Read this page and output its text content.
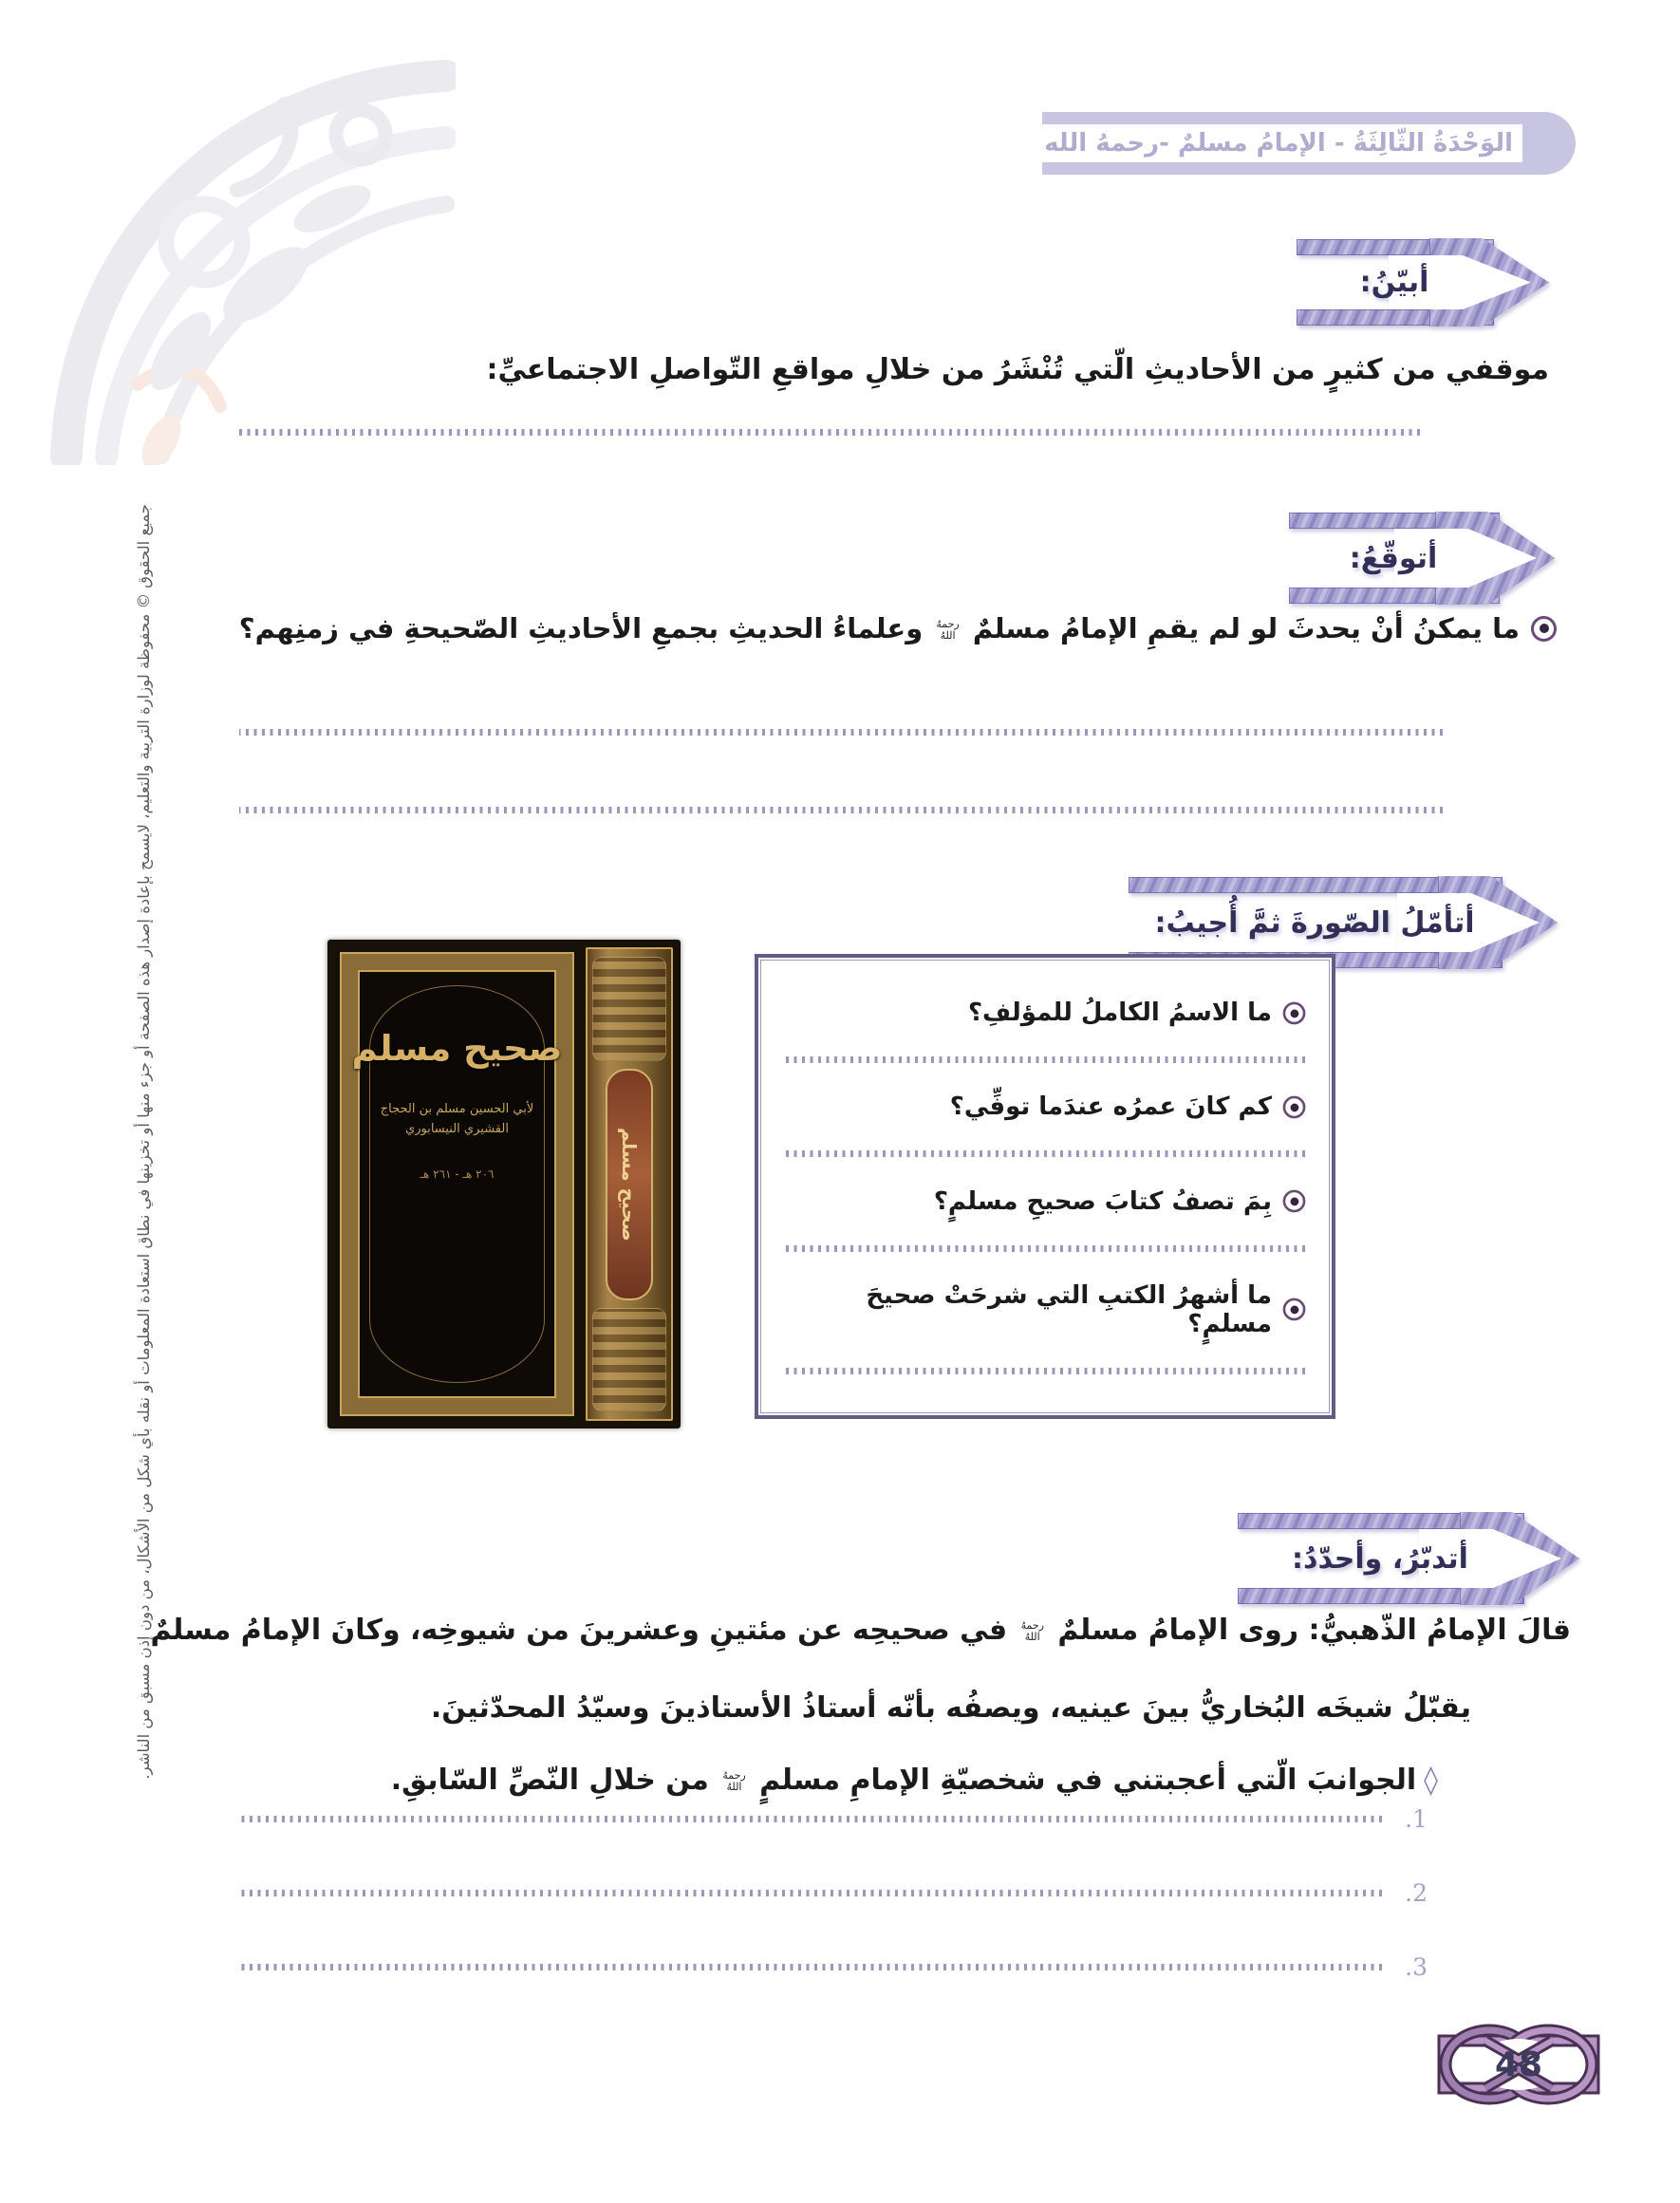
جميع الحقوق © محفوظة لوزارة التربية والتعليم، لايسمح بإعادة إصدار هذه الصفحة أو جزء منها أو تخزينها في نطاق استعادة المعلومات أو نقله بأي شكل من الأشكال، من دون إذن مسبق من الناشر.
الوَحْدَةُ الثّالِثَةُ - الإمامُ مسلمٌ -رحمهُ الله
أبيّنُ:
موقفي من كثيرٍ من الأحاديثِ الّتي تُنْشَرُ من خلالِ مواقعِ التّواصلِ الاجتماعيِّ:
أتوقّعُ:
ما يمكنُ أنْ يحدثَ لو لم يقمِ الإمامُ مسلمٌ رحمهُ
اللهُ وعلماءُ الحديثِ بجمعِ الأحاديثِ الصّحيحةِ في زمنِهم؟
أتأمّلُ الصّورةَ ثمَّ أُجيبُ:
ما الاسمُ الكاملُ للمؤلفِ؟
كم كانَ عمرُه عندَما توفِّي؟
بِمَ تصفُ كتابَ صحيحِ مسلمٍ؟
ما أشهرُ الكتبِ التي شرحَتْ صحيحَ مسلمٍ؟
صحيح مسلم
صحيح مسلم
لأبي الحسين مسلم بن الحجاج القشيري النيسابوري
٢٠٦ هـ - ٢٦١ هـ
أتدبّرُ، وأحدّدُ:
قالَ الإمامُ الذّهبيُّ: روى الإمامُ مسلمٌ رحمهُ
اللهُ في صحيحِه عن مئتينِ وعشرينَ من شيوخِه، وكانَ الإمامُ مسلمٌ
يقبّلُ شيخَه البُخاريُّ بينَ عينيه، ويصفُه بأنّه أستاذُ الأستاذينَ وسيّدُ المحدّثينَ.
◊
الجوانبَ الّتي أعجبتني في شخصيّةِ الإمامِ مسلمٍ رحمهُ
اللهُ من خلالِ النّصِّ السّابقِ.
1.
2.
3.
48
